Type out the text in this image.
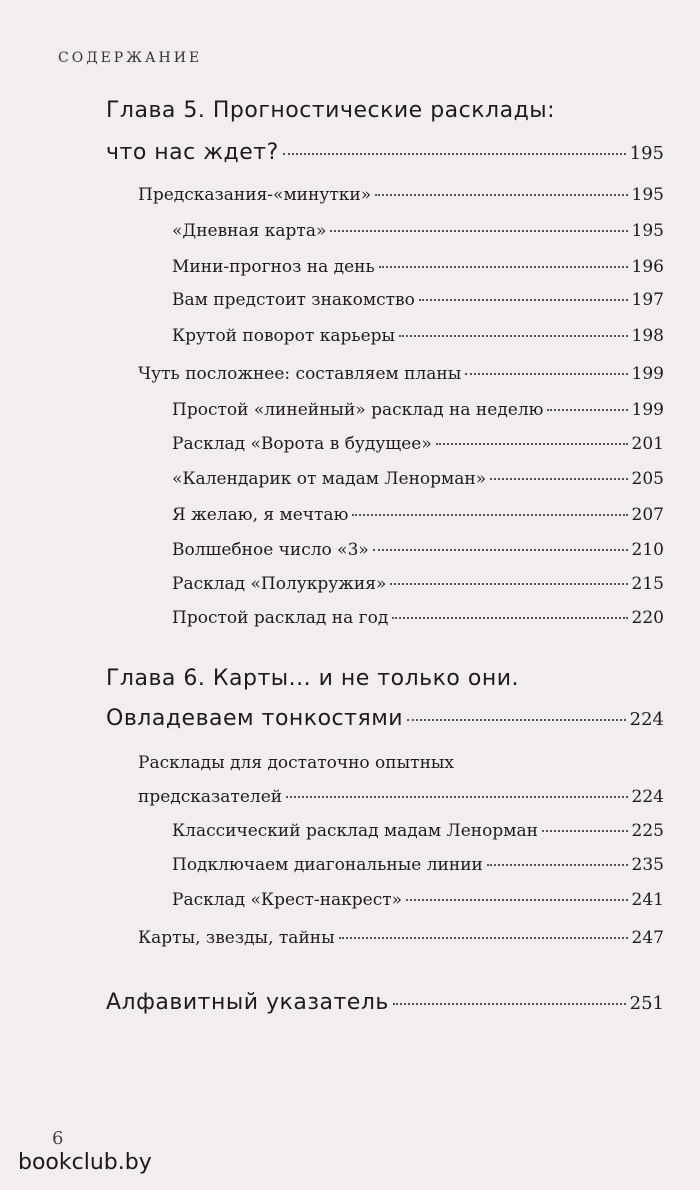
СОДЕРЖАНИЕ
Глава 5. Прогностические расклады:
что нас ждет?	195
Предсказания-«минутки»	195
«Дневная карта»	195
Мини-прогноз на день	196
Вам предстоит знакомство	197
Крутой поворот карьеры	198
Чуть посложнее: составляем планы	199
Простой «линейный» расклад на неделю	199
Расклад «Ворота в будущее»	201
«Календарик от мадам Ленорман»	205
Я желаю, я мечтаю	207
Волшебное число «3»	210
Расклад «Полукружия»	215
Простой расклад на год	220
Глава 6. Карты... и не только они.
Овладеваем тонкостями	224
Расклады для достаточно опытных
предсказателей	224
Классический расклад мадам Ленорман	225
Подключаем диагональные линии	235
Расклад «Крест-накрест»	241
Карты, звезды, тайны	247
Алфавитный указатель	251
6
bookclub.by
